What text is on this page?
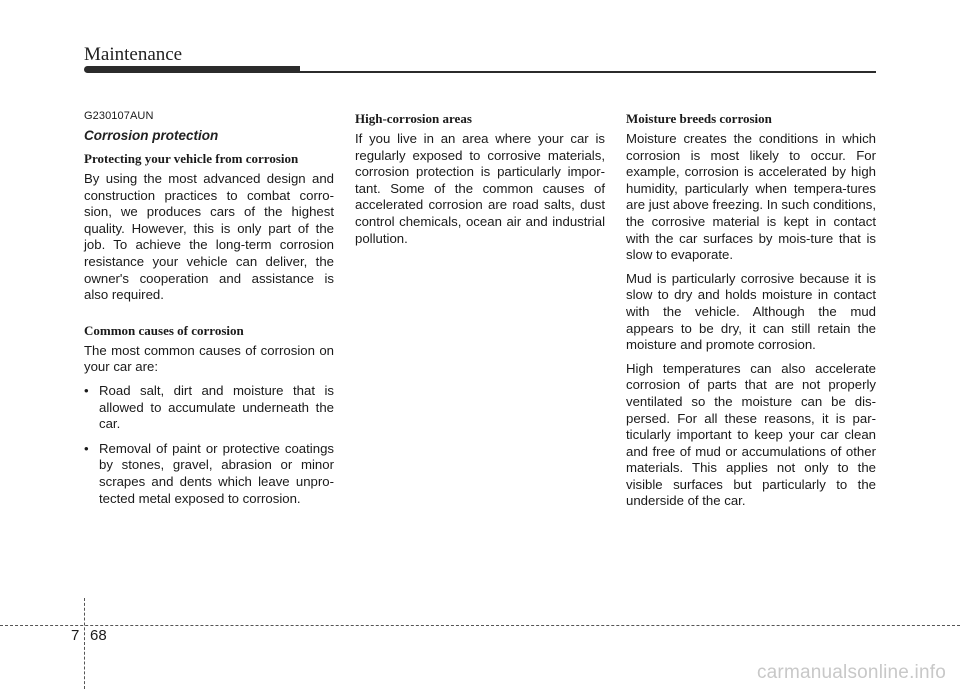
Maintenance
G230107AUN
Corrosion protection
Protecting your vehicle from corrosion

By using the most advanced design and construction practices to combat corro-sion, we produces cars of the highest quality. However, this is only part of the job. To achieve the long-term corrosion resistance your vehicle can deliver, the owner's cooperation and assistance is also required.

Common causes of corrosion

The most common causes of corrosion on your car are:

• Road salt, dirt and moisture that is allowed to accumulate underneath the car.
• Removal of paint or protective coatings by stones, gravel, abrasion or minor scrapes and dents which leave unpro-tected metal exposed to corrosion.
High-corrosion areas

If you live in an area where your car is regularly exposed to corrosive materials, corrosion protection is particularly impor-tant. Some of the common causes of accelerated corrosion are road salts, dust control chemicals, ocean air and industrial pollution.

Moisture breeds corrosion

Moisture creates the conditions in which corrosion is most likely to occur. For example, corrosion is accelerated by high humidity, particularly when tempera-tures are just above freezing. In such conditions, the corrosive material is kept in contact with the car surfaces by mois-ture that is slow to evaporate.

Mud is particularly corrosive because it is slow to dry and holds moisture in contact with the vehicle. Although the mud appears to be dry, it can still retain the moisture and promote corrosion.

High temperatures can also accelerate corrosion of parts that are not properly ventilated so the moisture can be dis-persed. For all these reasons, it is par-ticularly important to keep your car clean and free of mud or accumulations of other materials. This applies not only to the visible surfaces but particularly to the underside of the car.

7 68
carmanualsonline.info
